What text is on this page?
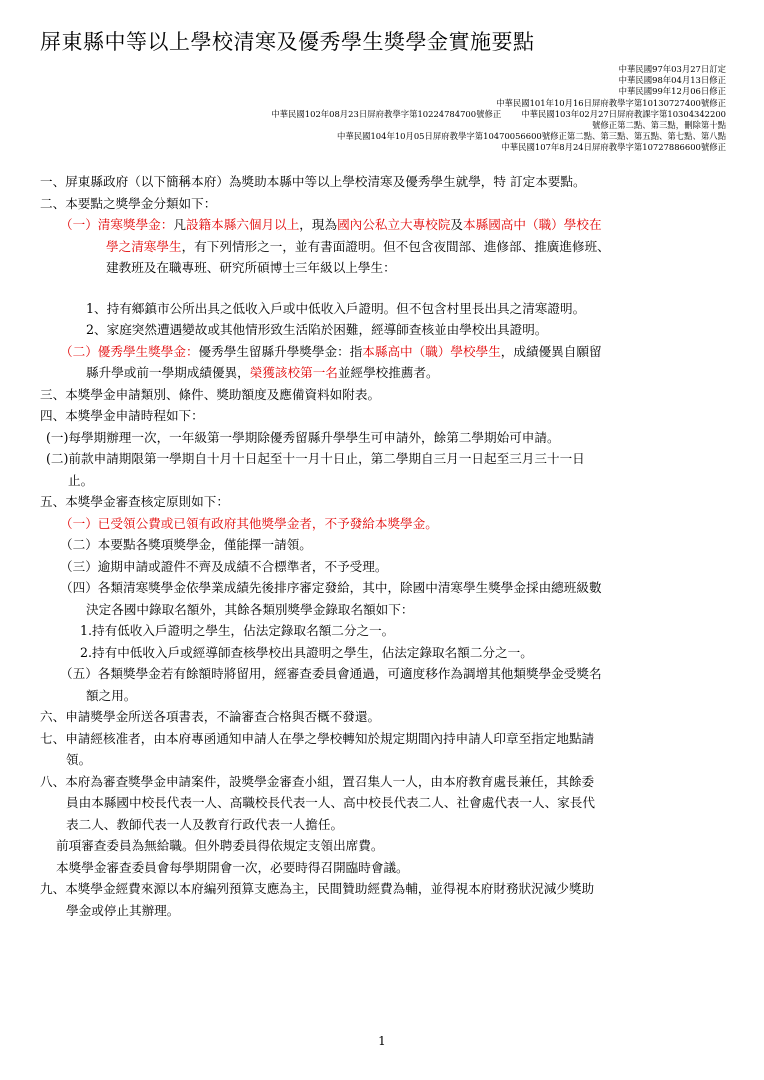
屏東縣中等以上學校清寒及優秀學生獎學金實施要點
中華民國97年03月27日訂定
中華民國98年04月13日修正
中華民國99年12月06日修正
中華民國101年10月16日屏府教學字第10130727400號修正
中華民國102年08月23日屏府教學字第10224784700號修正 中華民國103年02月27日屏府教課字第10304342200
號修正第二點、第三點，刪除第十點
中華民國104年10月05日屏府教學字第10470056600號修正第二點、第三點、第五點、第七點、第八點
中華民國107年8月24日屏府教學字第10727886600號修正
一、屏東縣政府（以下簡稱本府）為獎助本縣中等以上學校清寒及優秀學生就學，特 訂定本要點。
二、本要點之獎學金分類如下：
（一）清寒獎學金：凡設籍本縣六個月以上，現為國內公私立大專校院及本縣國高中（職）學校在
學之清寒學生，有下列情形之一，並有書面證明。但不包含夜間部、進修部、推廣進修班、
建教班及在職專班、研究所碩博士三年級以上學生：
1、持有鄉鎮市公所出具之低收入戶或中低收入戶證明。但不包含村里長出具之清寒證明。
2、家庭突然遭遇變故或其他情形致生活陷於困難，經導師查核並由學校出具證明。
（二）優秀學生獎學金：優秀學生留縣升學獎學金：指本縣高中（職）學校學生，成績優異自願留
縣升學或前一學期成績優異，榮獲該校第一名並經學校推薦者。
三、本獎學金申請類別、條件、獎助額度及應備資料如附表。
四、本獎學金申請時程如下：
(一)每學期辦理一次，一年級第一學期除優秀留縣升學學生可申請外，餘第二學期始可申請。
(二)前款申請期限第一學期自十月十日起至十一月十日止，第二學期自三月一日起至三月三十一日
止。
五、本獎學金審查核定原則如下：
（一）已受領公費或已領有政府其他獎學金者，不予發給本獎學金。
（二）本要點各獎項獎學金，僅能擇一請領。
（三）逾期申請或證件不齊及成績不合標準者，不予受理。
（四）各類清寒獎學金依學業成績先後排序審定發給，其中，除國中清寒學生獎學金採由總班級數
決定各國中錄取名額外，其餘各類別獎學金錄取名額如下：
1.持有低收入戶證明之學生，佔法定錄取名額二分之一。
2.持有中低收入戶或經導師查核學校出具證明之學生，佔法定錄取名額二分之一。
（五）各類獎學金若有餘額時將留用，經審查委員會通過，可適度移作為調增其他類獎學金受獎名
額之用。
六、申請獎學金所送各項書表，不論審查合格與否概不發還。
七、申請經核准者，由本府專函通知申請人在學之學校轉知於規定期間內持申請人印章至指定地點請
領。
八、本府為審查獎學金申請案件，設獎學金審查小組，置召集人一人，由本府教育處長兼任，其餘委
員由本縣國中校長代表一人、高職校長代表一人、高中校長代表二人、社會處代表一人、家長代
表二人、教師代表一人及教育行政代表一人擔任。
前項審查委員為無給職。但外聘委員得依規定支領出席費。
本獎學金審查委員會每學期開會一次，必要時得召開臨時會議。
九、本獎學金經費來源以本府編列預算支應為主，民間贊助經費為輔，並得視本府財務狀況減少獎助
學金或停止其辦理。
1
